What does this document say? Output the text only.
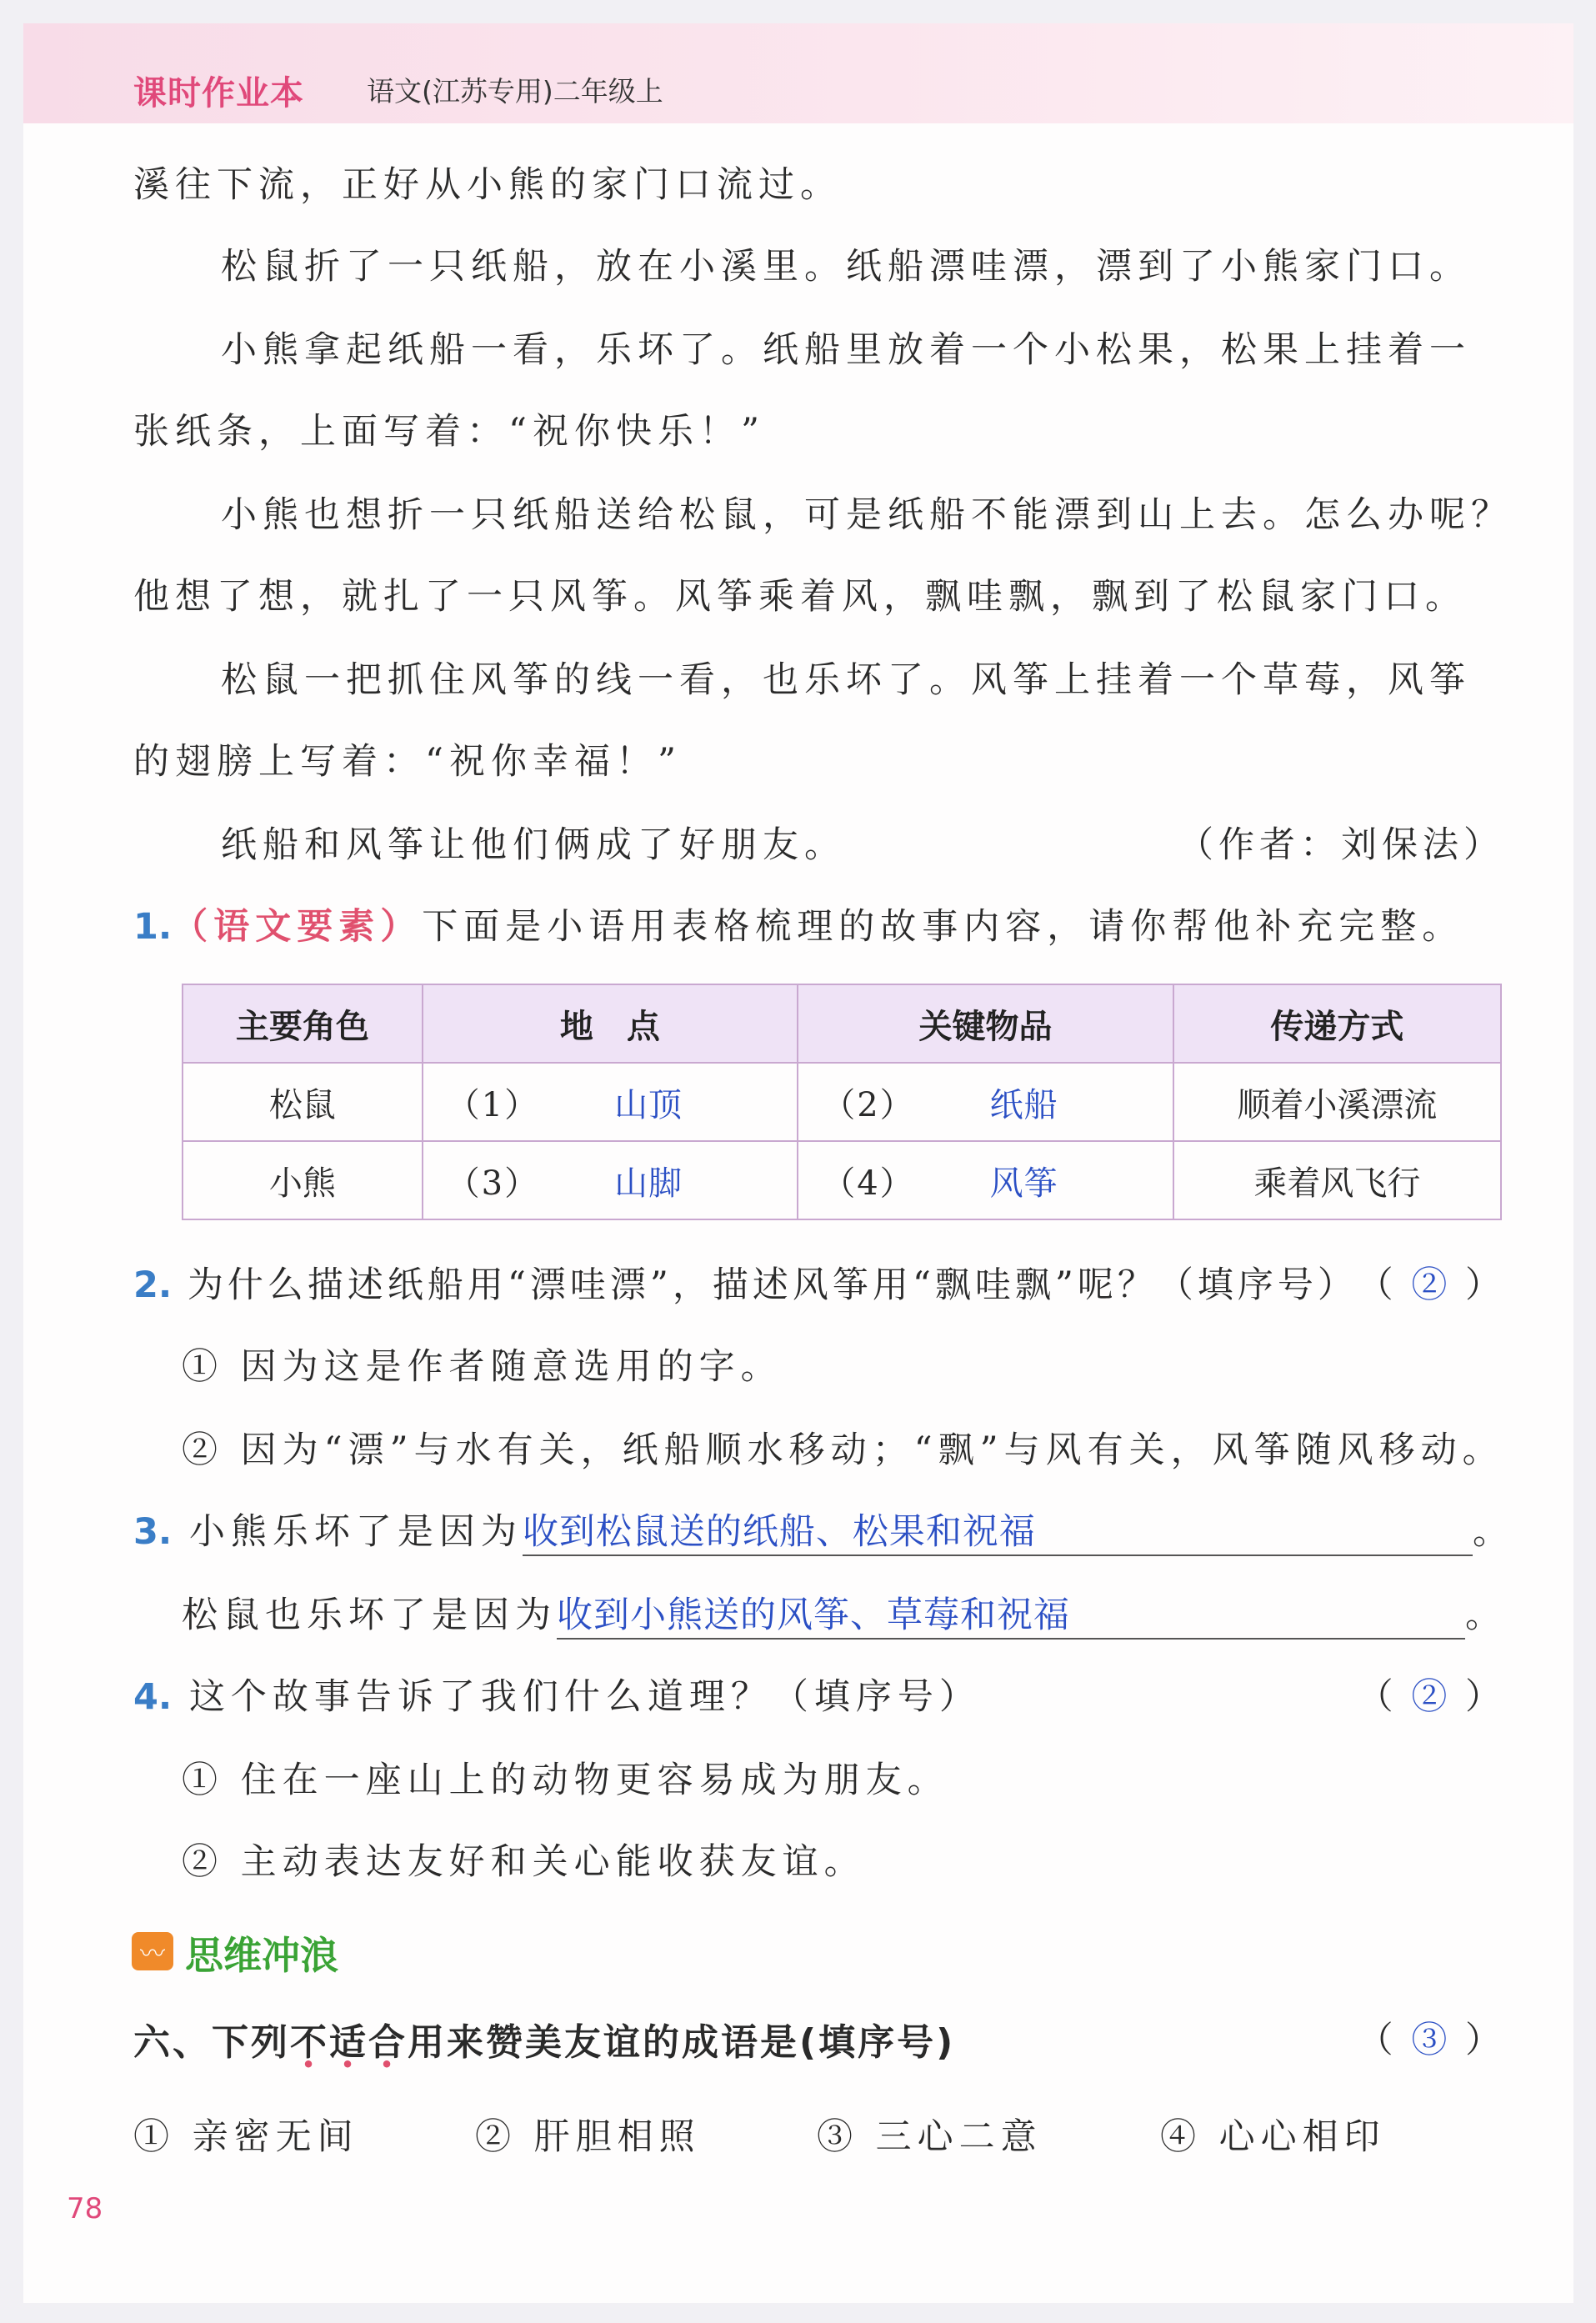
课时作业本 语文(江苏专用)二年级上
溪往下流，正好从小熊的家门口流过。
松鼠折了一只纸船，放在小溪里。纸船漂哇漂，漂到了小熊家门口。
小熊拿起纸船一看，乐坏了。纸船里放着一个小松果，松果上挂着一
张纸条，上面写着：“祝你快乐！”
小熊也想折一只纸船送给松鼠，可是纸船不能漂到山上去。怎么办呢？
他想了想，就扎了一只风筝。风筝乘着风，飘哇飘，飘到了松鼠家门口。
松鼠一把抓住风筝的线一看，也乐坏了。风筝上挂着一个草莓，风筝
的翅膀上写着：“祝你幸福！”
纸船和风筝让他们俩成了好朋友。	（作者：刘保法）
1.（语文要素）下面是小语用表格梳理的故事内容，请你帮他补充完整。
主要角色	地　点	关键物品	传递方式
松鼠	（1） 山顶	（2） 纸船	顺着小溪漂流
小熊	（3） 山脚	（4） 风筝	乘着风飞行
2. 为什么描述纸船用“漂哇漂”，描述风筝用“飘哇飘”呢？（填序号） （ ② ）
① 因为这是作者随意选用的字。
② 因为“漂”与水有关，纸船顺水移动；“飘”与风有关，风筝随风移动。
3. 小熊乐坏了是因为收到松鼠送的纸船、松果和祝福	。
松鼠也乐坏了是因为收到小熊送的风筝、草莓和祝福	。
4. 这个故事告诉了我们什么道理？（填序号）	（ ② ）
① 住在一座山上的动物更容易成为朋友。
② 主动表达友好和关心能收获友谊。
〰 思维冲浪
六、下列不适合用来赞美友谊的成语是(填序号)	（ ③ ）
① 亲密无间	② 肝胆相照	③ 三心二意	④ 心心相印
78
